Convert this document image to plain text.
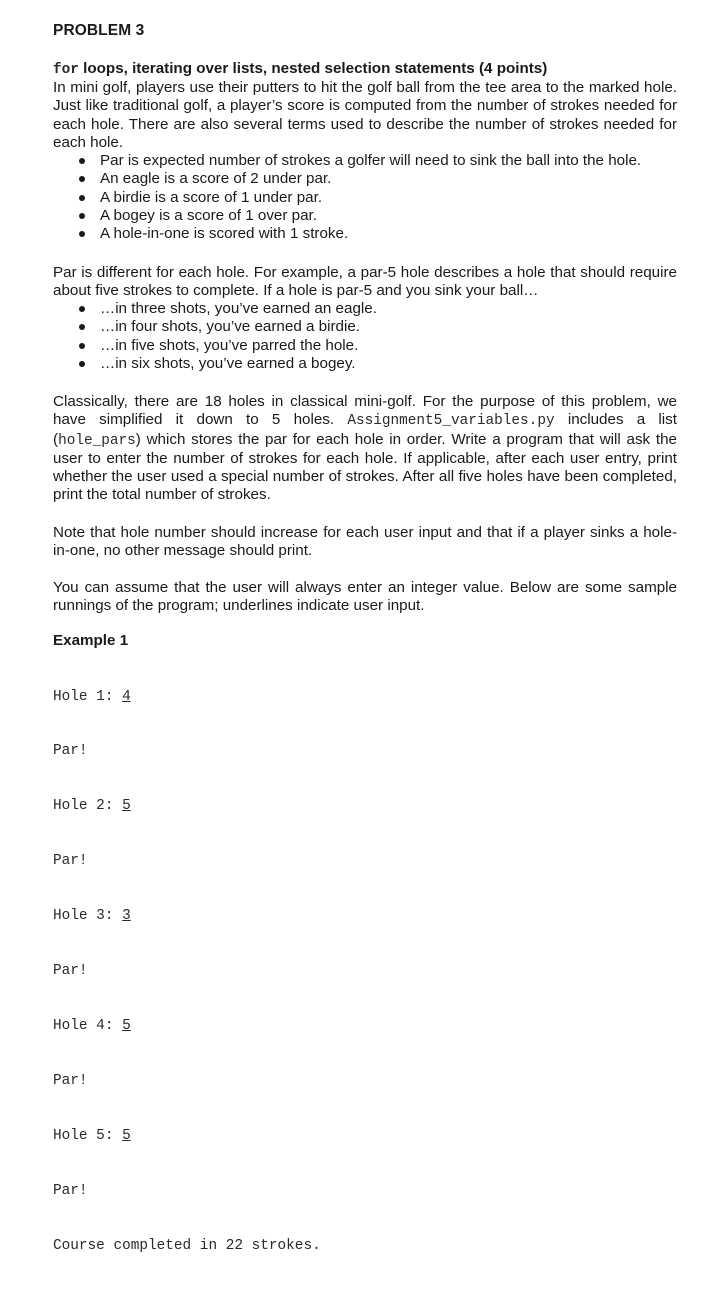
PROBLEM 3

for loops, iterating over lists, nested selection statements (4 points)

In mini golf, players use their putters to hit the golf ball from the tee area to the marked hole. Just like traditional golf, a player’s score is computed from the number of strokes needed for each hole. There are also several terms used to describe the number of strokes needed for each hole.

Par is expected number of strokes a golfer will need to sink the ball into the hole.
An eagle is a score of 2 under par.
A birdie is a score of 1 under par.
A bogey is a score of 1 over par.
A hole-in-one is scored with 1 stroke.

Par is different for each hole. For example, a par-5 hole describes a hole that should require about five strokes to complete. If a hole is par-5 and you sink your ball…

…in three shots, you’ve earned an eagle.
…in four shots, you’ve earned a birdie.
…in five shots, you’ve parred the hole.
…in six shots, you’ve earned a bogey.

Classically, there are 18 holes in classical mini-golf. For the purpose of this problem, we have simplified it down to 5 holes. Assignment5_variables.py includes a list (hole_pars) which stores the par for each hole in order. Write a program that will ask the user to enter the number of strokes for each hole. If applicable, after each user entry, print whether the user used a special number of strokes. After all five holes have been completed, print the total number of strokes.

Note that hole number should increase for each user input and that if a player sinks a hole-in-one, no other message should print.

You can assume that the user will always enter an integer value. Below are some sample runnings of the program; underlines indicate user input.

Example 1

Hole 1: 4

Par!

Hole 2: 5

Par!

Hole 3: 3

Par!

Hole 4: 5

Par!

Hole 5: 5

Par!

Course completed in 22 strokes.
